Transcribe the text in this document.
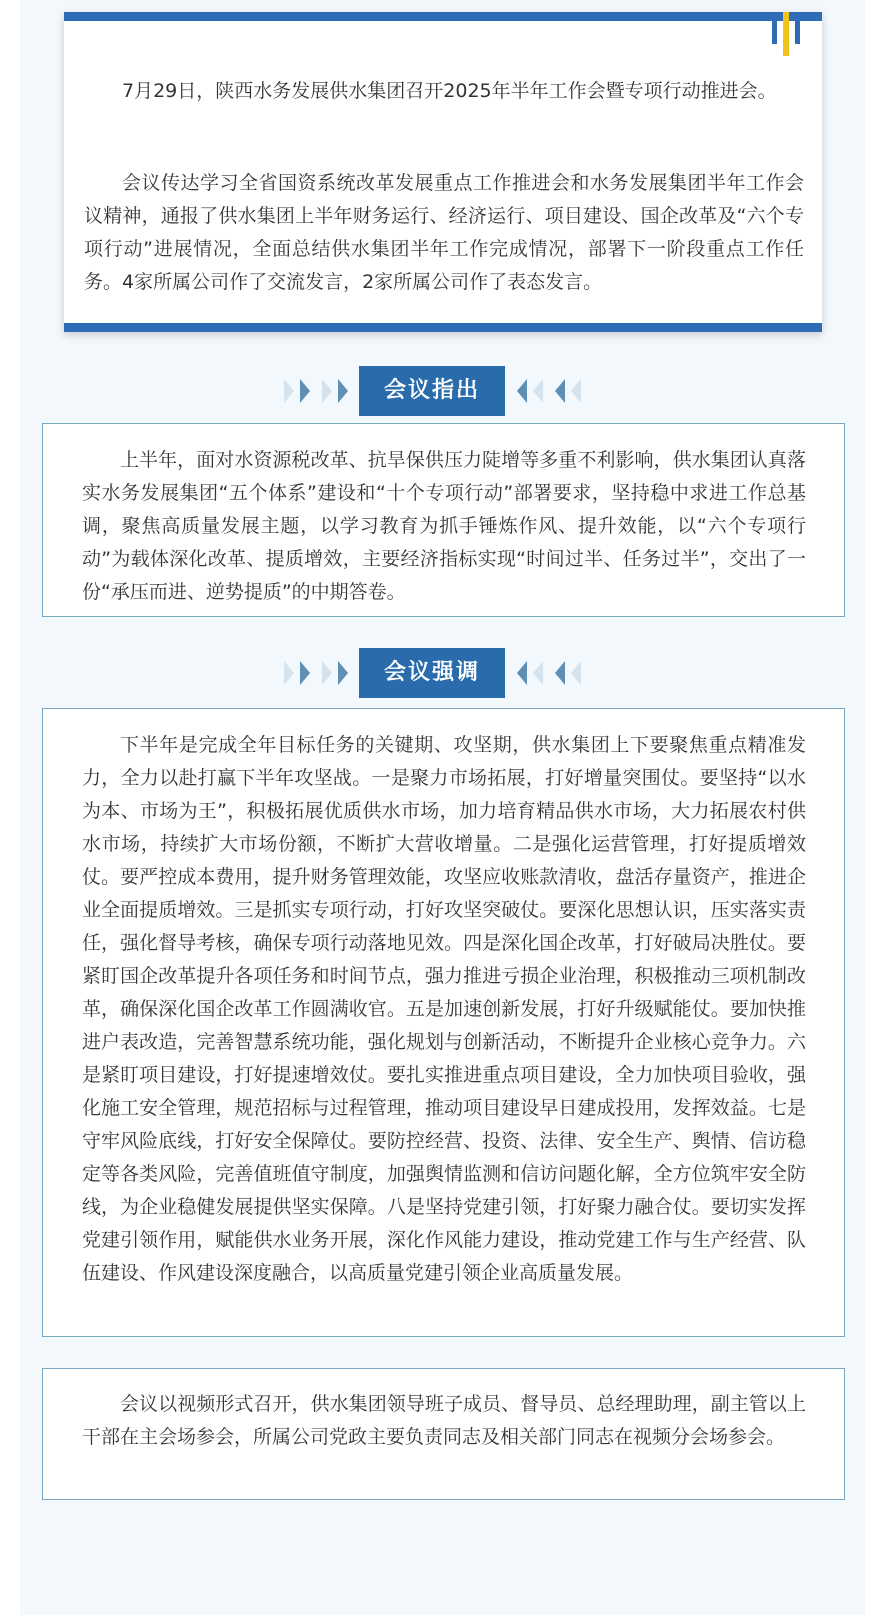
7月29日，陕西水务发展供水集团召开2025年半年工作会暨专项行动推进会。

会议传达学习全省国资系统改革发展重点工作推进会和水务发展集团半年工作会议精神，通报了供水集团上半年财务运行、经济运行、项目建设、国企改革及“六个专项行动”进展情况，全面总结供水集团半年工作完成情况，部署下一阶段重点工作任务。4家所属公司作了交流发言，2家所属公司作了表态发言。

会议指出

上半年，面对水资源税改革、抗旱保供压力陡增等多重不利影响，供水集团认真落实水务发展集团“五个体系”建设和“十个专项行动”部署要求，坚持稳中求进工作总基调，聚焦高质量发展主题，以学习教育为抓手锤炼作风、提升效能，以“六个专项行动”为载体深化改革、提质增效，主要经济指标实现“时间过半、任务过半”，交出了一份“承压而进、逆势提质”的中期答卷。

会议强调

下半年是完成全年目标任务的关键期、攻坚期，供水集团上下要聚焦重点精准发力，全力以赴打赢下半年攻坚战。一是聚力市场拓展，打好增量突围仗。要坚持“以水为本、市场为王”，积极拓展优质供水市场，加力培育精品供水市场，大力拓展农村供水市场，持续扩大市场份额，不断扩大营收增量。二是强化运营管理，打好提质增效仗。要严控成本费用，提升财务管理效能，攻坚应收账款清收，盘活存量资产，推进企业全面提质增效。三是抓实专项行动，打好攻坚突破仗。要深化思想认识，压实落实责任，强化督导考核，确保专项行动落地见效。四是深化国企改革，打好破局决胜仗。要紧盯国企改革提升各项任务和时间节点，强力推进亏损企业治理，积极推动三项机制改革，确保深化国企改革工作圆满收官。五是加速创新发展，打好升级赋能仗。要加快推进户表改造，完善智慧系统功能，强化规划与创新活动，不断提升企业核心竞争力。六是紧盯项目建设，打好提速增效仗。要扎实推进重点项目建设，全力加快项目验收，强化施工安全管理，规范招标与过程管理，推动项目建设早日建成投用，发挥效益。七是守牢风险底线，打好安全保障仗。要防控经营、投资、法律、安全生产、舆情、信访稳定等各类风险，完善值班值守制度，加强舆情监测和信访问题化解，全方位筑牢安全防线，为企业稳健发展提供坚实保障。八是坚持党建引领，打好聚力融合仗。要切实发挥党建引领作用，赋能供水业务开展，深化作风能力建设，推动党建工作与生产经营、队伍建设、作风建设深度融合，以高质量党建引领企业高质量发展。

会议以视频形式召开，供水集团领导班子成员、督导员、总经理助理，副主管以上干部在主会场参会，所属公司党政主要负责同志及相关部门同志在视频分会场参会。
